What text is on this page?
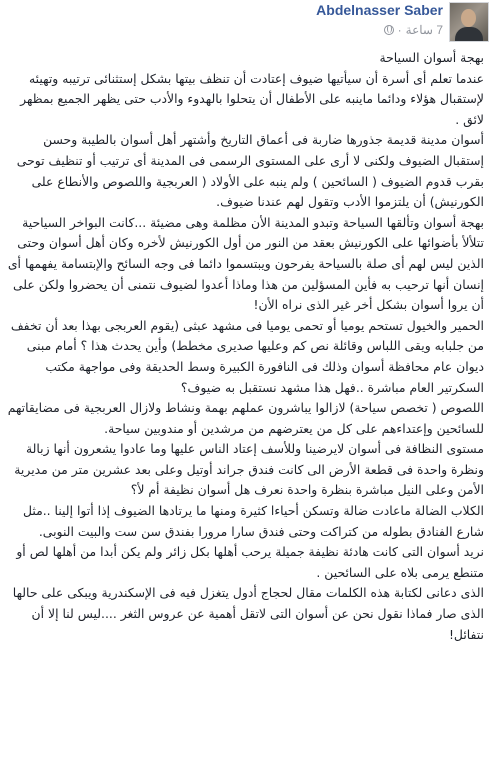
Abdelnasser Saber
7 ساعة
·

بهجة أسوان السياحة

عندما تعلم أى أسرة أن سيأتيها ضيوف إعتادت أن تنظف بيتها بشكل إستثنائى ترتيبه وتهيئه لإستقبال هؤلاء ودائما ماينبه على الأطفال أن يتحلوا بالهدوء والأدب حتى يظهر الجميع بمظهر لائق .

أسوان مدينة قديمة جذورها ضاربة فى أعماق التاريخ وأشتهر أهل أسوان بالطيبة وحسن إستقبال الضيوف ولكنى لا أرى على المستوى الرسمى فى المدينة أى ترتيب أو تنظيف توحى بقرب قدوم الضيوف ( السائحين ) ولم ينبه على الأولاد ( العربجية واللصوص والأنطاع على الكورنيش) أن يلتزموا الأدب وتقول لهم عندنا ضيوف.

بهجة أسوان وتألقها السياحة وتبدو المدينة الأن مظلمة وهى مضيئة ...كانت البواخر السياحية تتلألأ بأضوائها على الكورنيش بعقد من النور من أول الكورنيش لأخره وكان أهل أسوان وحتى الذين ليس لهم أى صلة بالسياحة يفرحون ويبتسموا دائما فى وجه السائح والإبتسامة يفهمها أى إنسان أنها ترحيب به فأين المسؤلين من هذا وماذا أعدوا لضيوف نتمنى أن يحضروا ولكن على أن يروا أسوان بشكل أخر غير الذى نراه الأن!

الحمير والخيول تستحم يوميا أو تحمى يوميا فى مشهد عبثى (يقوم العربجى بهذا بعد أن تخفف من جلبابه ويقى اللباس وقائلة نص كم وعليها صديرى مخطط) وأين يحدث هذا ؟ أمام مبنى ديوان عام محافظة أسوان وذلك فى النافورة الكبيرة وسط الحديقة وفى مواجهة مكتب السكرتير العام مباشرة ..فهل هذا مشهد نستقبل به ضيوف؟

اللصوص ( تخصص سياحة) لازالوا يباشرون عملهم بهمة ونشاط ولازال العربجية فى مضايقاتهم للسائحين وإعتداءهم على كل من يعترضهم من مرشدين أو مندوبين سياحة.

مستوى النظافة فى أسوان لايرضينا وللأسف إعتاد الناس عليها وما عادوا يشعرون أنها زبالة ونظرة واحدة فى قطعة الأرض الى كانت فندق جراند أوتيل وعلى بعد عشرين متر من مديرية الأمن وعلى النيل مباشرة بنظرة واحدة نعرف هل أسوان نظيفة أم لأ؟

الكلاب الضالة ماعادت ضالة وتسكن أحياءا كثيرة ومنها ما يرتادها الضيوف إذا أتوا إلينا ..مثل شارع الفنادق بطوله من كتراكت وحتى فندق سارا مرورا بفندق سن ست والبيت النوبى.

نريد أسوان التى كانت هادئة نظيفة جميلة يرحب أهلها بكل زائر ولم يكن أبدا من أهلها لص أو متنطع يرمى بلاه على السائحين .

الذى دعانى لكتابة هذه الكلمات مقال لحجاج أدول يتغزل فيه فى الإسكندرية ويبكى على حالها الذى صار فماذا نقول نحن عن أسوان التى لاتقل أهمية عن عروس الثغر ....ليس لنا إلا أن نتفائل!
